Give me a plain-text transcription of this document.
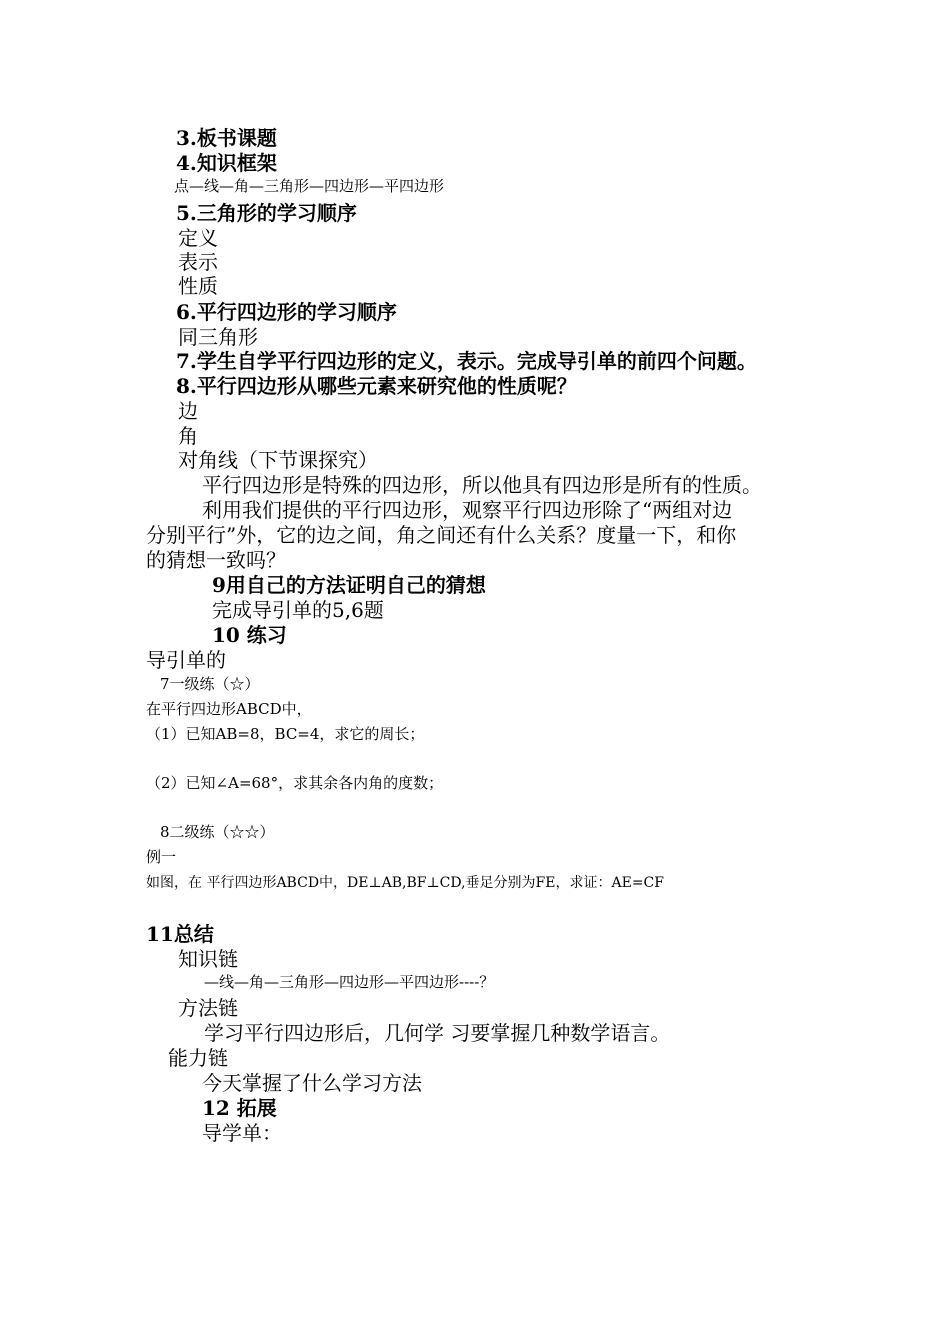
3.板书课题
4.知识框架
点—线—角—三角形—四边形—平四边形
5.三角形的学习顺序
定义
表示
性质
6.平行四边形的学习顺序
同三角形
7.学生自学平行四边形的定义，表示。完成导引单的前四个问题。
8.平行四边形从哪些元素来研究他的性质呢？
边
角
对角线（下节课探究）
平行四边形是特殊的四边形，所以他具有四边形是所有的性质。
利用我们提供的平行四边形，观察平行四边形除了“两组对边
分别平行”外，它的边之间，角之间还有什么关系？度量一下，和你
的猜想一致吗？
9用自己的方法证明自己的猜想
完成导引单的5,6题
10 练习
导引单的
7一级练（☆）
在平行四边形ABCD中，
（1）已知AB=8，BC=4，求它的周长；
（2）已知∠A=68°，求其余各内角的度数；
8二级练（☆☆）
例一
如图，在 平行四边形ABCD中，DE⊥AB,BF⊥CD,垂足分别为FE，求证：AE=CF
11总结
知识链
—线—角—三角形—四边形—平四边形----？
方法链
学习平行四边形后，几何学 习要掌握几种数学语言。
能力链
今天掌握了什么学习方法
12 拓展
导学单：
